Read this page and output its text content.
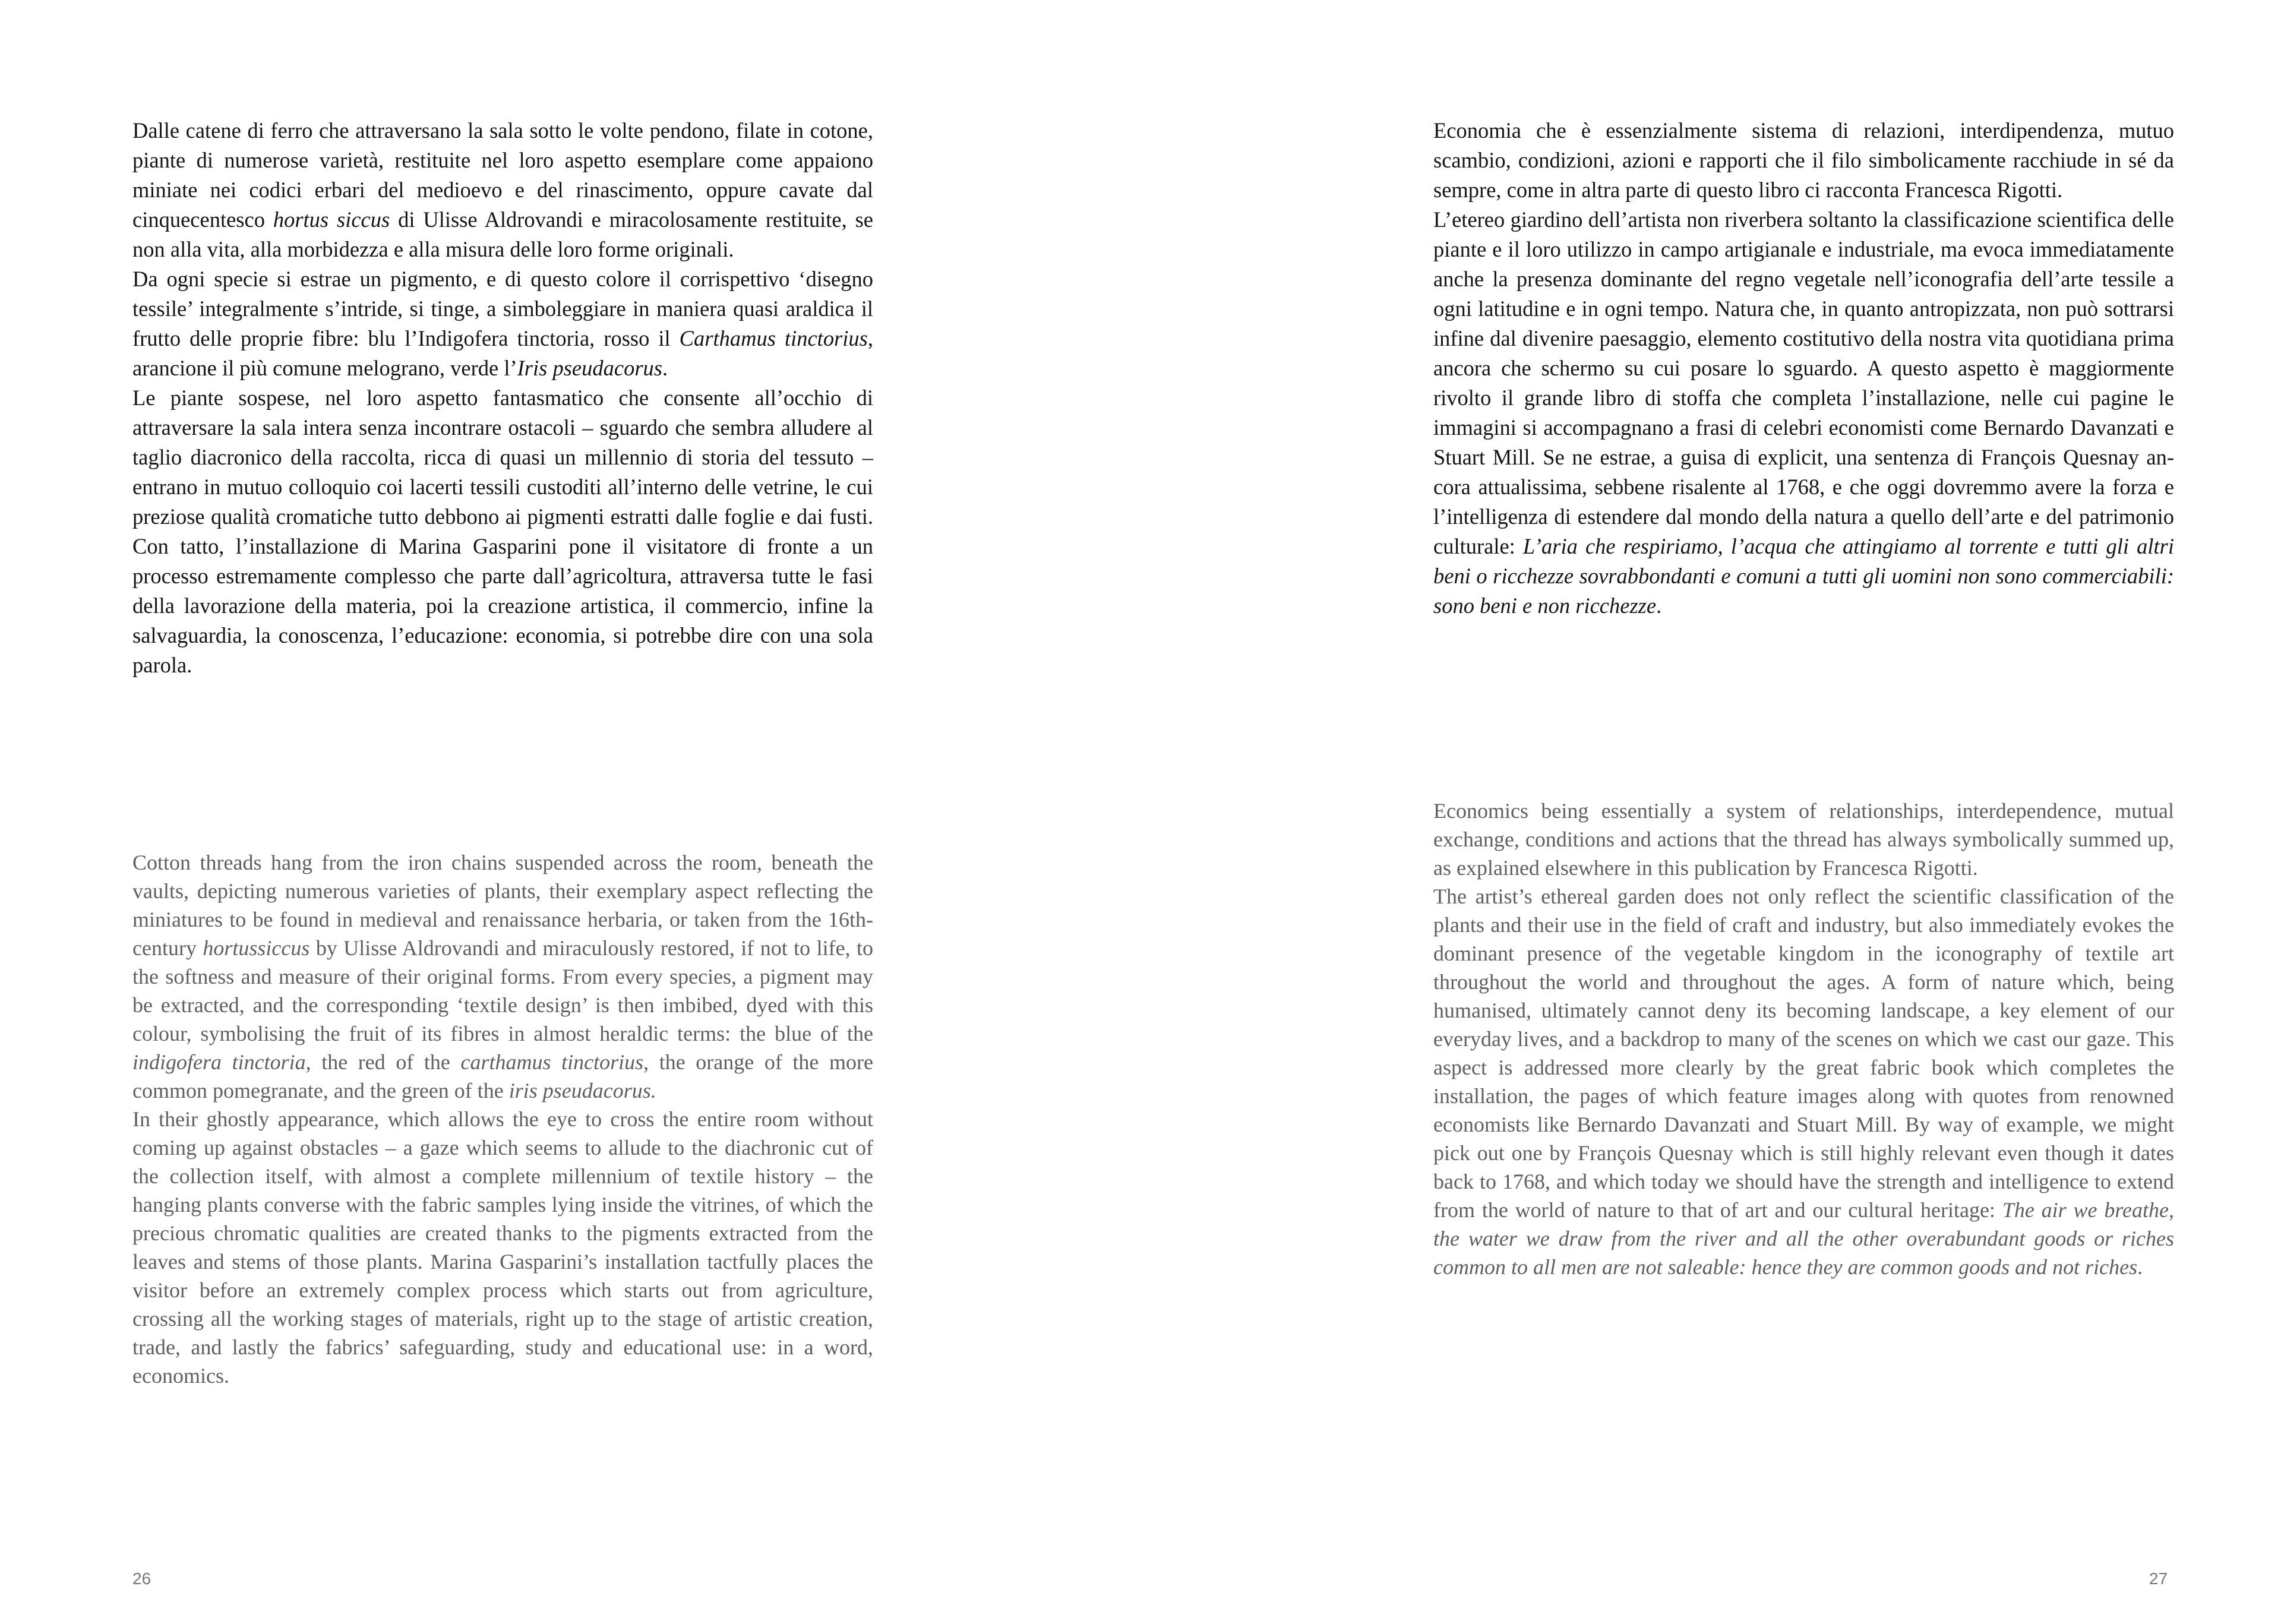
Dalle catene di ferro che attraversano la sala sotto le volte pendono, filate in cotone, piante di numerose varietà, restituite nel loro aspetto esemplare come appaiono miniate nei codici erbari del medioevo e del rinascimento, oppure cavate dal cinquecentesco hortus siccus di Ulisse Aldrovandi e miracolosamente restituite, se non alla vita, alla morbidezza e alla misura delle loro forme originali.

Da ogni specie si estrae un pigmento, e di questo colore il corrispettivo ‘disegno tessile’ integralmente s’intride, si tinge, a simboleggiare in maniera quasi araldica il frutto delle proprie fibre: blu l’Indigofera tinctoria, rosso il Carthamus tinctorius, arancione il più comune melograno, verde l’Iris pseudacorus.

Le piante sospese, nel loro aspetto fantasmatico che consente all’occhio di attraversare la sala intera senza incontrare ostacoli – sguardo che sembra alludere al taglio diacronico della raccolta, ricca di quasi un millennio di storia del tessuto – entrano in mutuo colloquio coi lacerti tessili custoditi all’interno delle vetrine, le cui preziose qualità cromatiche tutto debbono ai pigmenti estratti dalle foglie e dai fusti. Con tatto, l’installazione di Marina Gasparini pone il visitatore di fronte a un processo estremamente complesso che parte dall’agricoltura, attraversa tutte le fasi della lavorazione della materia, poi la creazione artistica, il commercio, infine la salvaguardia, la conoscenza, l’educazione: economia, si potrebbe dire con una sola parola.

Cotton threads hang from the iron chains suspended across the room, beneath the vaults, depicting numerous varieties of plants, their exemplary aspect reflecting the miniatures to be found in medieval and renaissance herbaria, or taken from the 16th-century hortussiccus by Ulisse Aldrovandi and miraculously restored, if not to life, to the softness and measure of their original forms. From every species, a pigment may be extracted, and the corresponding ‘textile design’ is then imbibed, dyed with this colour, symbolising the fruit of its fibres in almost heraldic terms: the blue of the indigofera tinctoria, the red of the carthamus tinctorius, the orange of the more common pomegranate, and the green of the iris pseudacorus.

In their ghostly appearance, which allows the eye to cross the entire room without coming up against obstacles – a gaze which seems to allude to the diachronic cut of the collection itself, with almost a complete millennium of textile history – the hanging plants converse with the fabric samples lying inside the vitrines, of which the precious chromatic qualities are created thanks to the pigments extracted from the leaves and stems of those plants. Marina Gasparini’s installation tactfully places the visitor before an extremely complex process which starts out from agriculture, crossing all the working stages of materials, right up to the stage of artistic creation, trade, and lastly the fabrics’ safeguarding, study and educational use: in a word, economics.

Economia che è essenzialmente sistema di relazioni, interdipendenza, mutuo scambio, condizioni, azioni e rapporti che il filo simbolicamente racchiude in sé da sempre, come in altra parte di questo libro ci racconta Francesca Rigotti.

L’etereo giardino dell’artista non riverbera soltanto la classificazione scientifica delle piante e il loro utilizzo in campo artigianale e industriale, ma evoca immediatamente anche la presenza dominante del regno vegetale nell’iconografia dell’arte tessile a ogni latitudine e in ogni tempo. Natura che, in quanto antropizzata, non può sottrarsi infine dal divenire paesaggio, elemento costitutivo della nostra vita quotidiana prima ancora che schermo su cui posare lo sguardo. A questo aspetto è maggiormente rivolto il grande libro di stoffa che completa l’installazione, nelle cui pagine le immagini si accompagnano a frasi di celebri economisti come Bernardo Davanzati e Stuart Mill. Se ne estrae, a guisa di explicit, una sentenza di François Quesnay ancora attualissima, sebbene risalente al 1768, e che oggi dovremmo avere la forza e l’intelligenza di estendere dal mondo della natura a quello dell’arte e del patrimonio culturale: L’aria che respiriamo, l’acqua che attingiamo al torrente e tutti gli altri beni o ricchezze sovrabbondanti e comuni a tutti gli uomini non sono commerciabili: sono beni e non ricchezze.

Economics being essentially a system of relationships, interdependence, mutual exchange, conditions and actions that the thread has always symbolically summed up, as explained elsewhere in this publication by Francesca Rigotti.

The artist’s ethereal garden does not only reflect the scientific classification of the plants and their use in the field of craft and industry, but also immediately evokes the dominant presence of the vegetable kingdom in the iconography of textile art throughout the world and throughout the ages. A form of nature which, being humanised, ultimately cannot deny its becoming landscape, a key element of our everyday lives, and a backdrop to many of the scenes on which we cast our gaze. This aspect is addressed more clearly by the great fabric book which completes the installation, the pages of which feature images along with quotes from renowned economists like Bernardo Davanzati and Stuart Mill. By way of example, we might pick out one by François Quesnay which is still highly relevant even though it dates back to 1768, and which today we should have the strength and intelligence to extend from the world of nature to that of art and our cultural heritage: The air we breathe, the water we draw from the river and all the other overabundant goods or riches common to all men are not saleable: hence they are common goods and not riches.

26	27
